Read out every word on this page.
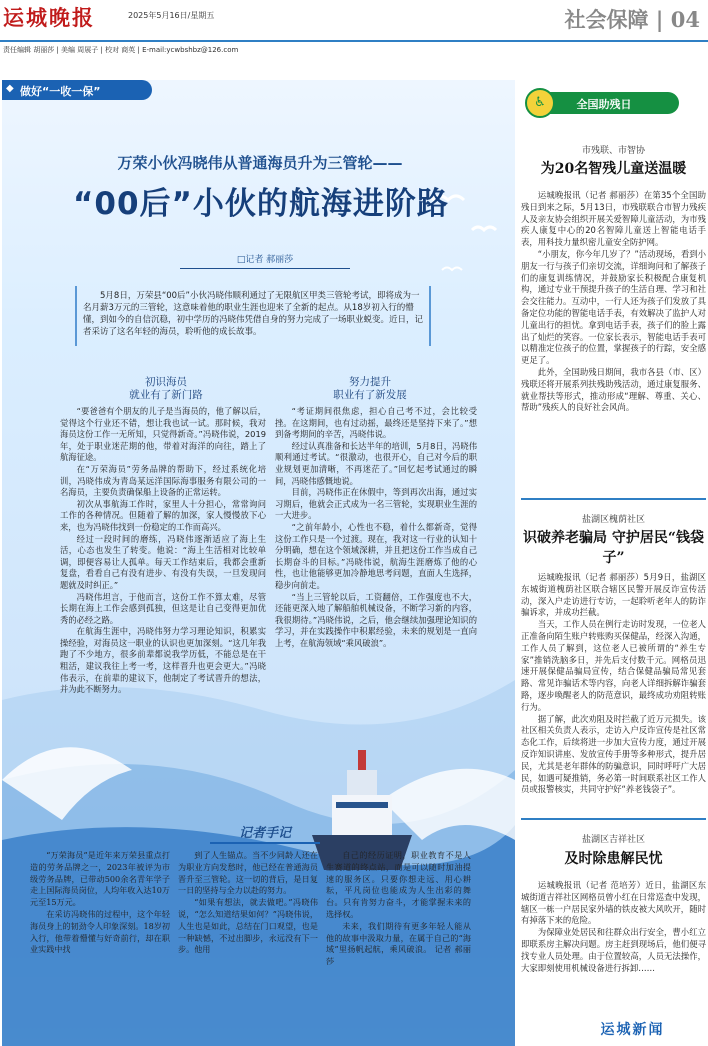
运城晚报	2025年5月16日/星期五	社会保障 | 04
责任编辑 胡丽莎 | 美编 周展子 | 校对 商英 | E-mail:ycwbshbz@126.com
◆ 做好“一收一保”
万荣小伙冯晓伟从普通海员升为三管轮——
“00后”小伙的航海进阶路
□记者 郝丽莎
5月8日，万荣县“00后”小伙冯晓伟顺利通过了无限航区甲类三管轮考试，即将成为一名月薪3万元的三管轮，这意味着他的职业生涯也迎来了全新的起点。从18岁初入行的懵懂，到如今的自信沉稳，初中学历的冯晓伟凭借自身的努力完成了一场职业蜕变。近日，记者采访了这名年轻的海员，聆听他的成长故事。
初识海员
就业有了新门路
努力提升
职业有了新发展

“要爸爸有个朋友的儿子是当海员的，他了解以后，觉得这个行业还不错，想让我也试一试。那时候，我对海员这份工作一无所知，只觉得新奇。”冯晓伟说，2019年，处于职业迷茫期的他，带着对海洋的向往，踏上了航海征途。

在“万荣海员”劳务品牌的帮助下，经过系统化培训，冯晓伟成为青岛某远洋国际海事服务有限公司的一名海员，主要负责确保船上设备的正常运转。

初次从事航海工作时，家里人十分担心，常常询问工作的各种情况。但随着了解的加深，家人慢慢放下心来，也为冯晓伟找到一份稳定的工作而高兴。

经过一段时间的磨练，冯晓伟逐渐适应了海上生活，心态也发生了转变。他说：“海上生活相对比较单调，即便容易让人孤单。每天工作结束后，我都会重新复盘，看看自己有没有进步、有没有失误，一旦发现问题就及时纠正。”

冯晓伟坦言，于他而言，这份工作不算太难，尽管长期在海上工作会感到孤独，但这是让自己变得更加优秀的必经之路。

在航海生涯中，冯晓伟努力学习理论知识，积累实操经验，对海员这一职业的认识也更加深刻。“这几年我跑了不少地方，很多前辈都说我学历低，不能总是在干粗活，建议我往上考一考，这样晋升也更会更大。”冯晓伟表示，在前辈的建议下，他制定了考试晋升的想法，并为此不断努力。

“考证期间很焦虑，担心自己考不过，会比较受挫。在这期间，也有过动摇，最终还是坚持下来了。”想到备考期间的辛苦，冯晓伟说。

经过认真准备和长达半年的培训，5月8日，冯晓伟顺利通过考试。“很激动，也很开心，自己对今后的职业规划更加清晰，不再迷茫了。”回忆起考试通过的瞬间，冯晓伟感慨地说。

目前，冯晓伟正在休假中，等到再次出海，通过实习期后，他就会正式成为一名三管轮，实现职业生涯的一大进步。

“之前年龄小，心性也不稳，着什么都新奇，觉得这份工作只是一个过渡。现在，我对这一行业的认知十分明确，想在这个领域深耕，并且把这份工作当成自己长期奋斗的目标。”冯晓伟说，航海生涯磨炼了他的心性，也让他能够更加冷静地思考问题，直面人生选择，稳步向前走。

“当上三管轮以后，工资翻倍，工作强度也不大，还能更深入地了解船舶机械设备，不断学习新的内容，我很期待。”冯晓伟说，之后，他会继续加强理论知识的学习，并在实践操作中积累经验，未来的规划是一直向上考，在航海领域“乘风破浪”。

记者手记

“万荣海员”是近年来万荣县重点打造的劳务品牌之一，2023年被评为市级劳务品牌，已带动500余名青年学子走上国际海员岗位，人均年收入达10万元至15万元。

在采访冯晓伟的过程中，这个年轻海员身上的韧劲令人印象深刻。18岁初入行，他带着懵懂与好奇前行，却在职业实践中找

到了人生锚点。当不少同龄人还在为职业方向发愁时，他已经在普通海员晋升至三管轮。这一切的背后，是日复一日的坚持与全力以赴的努力。

“如果有想法，就去做吧。”冯晓伟说，“怎么知道结果如何？”冯晓伟说，人生也是如此，总结在门口观望，也是一种缺憾，不过出脚步，永远没有下一步。他用

自己的经历证明，职业教育不是人生赛道的终点站，而是可以随时加油提速的服务区。只要你想走远、用心耕耘，平凡岗位也能成为人生出彩的舞台。只有肯努力奋斗，才能掌握未来的选择权。

未来，我们期待有更多年轻人能从他的故事中汲取力量，在属于自己的“海域”里扬帆起航，乘风破浪。 记者 郝丽莎

♿	全国助残日
市残联、市智协
为20名智残儿童送温暖

运城晚报讯（记者 郝丽莎）在第35个全国助残日到来之际，5月13日，市残联联合市智力残疾人及亲友协会组织开展关爱智障儿童活动，为市残疾人康复中心的20名智障儿童送上智能电话手表，用科技力量织密儿童安全防护网。

“小朋友，你今年几岁了？”活动现场，看到小朋友一行与孩子们亲切交流，详细询问和了解孩子们的康复训练情况，并鼓励家长积极配合康复机构，通过专业干预提升孩子的生活自理、学习和社会交往能力。互动中，一行人还为孩子们发放了具备定位功能的智能电话手表，有效解决了监护人对儿童出行的担忧。拿到电话手表，孩子们的脸上露出了灿烂的笑容。一位家长表示，智能电话手表可以精准定位孩子的位置，掌握孩子的行踪，安全感更足了。

此外，全国助残日期间，我市各县（市、区）残联还将开展系列扶残助残活动，通过康复服务、就业帮扶等形式，推动形成“理解、尊重、关心、帮助”残疾人的良好社会风尚。

盐湖区槐荫社区
识破养老骗局 守护居民“钱袋子”

运城晚报讯（记者 郝丽莎）5月9日，盐湖区东城街道槐荫社区联合辖区民警开展反诈宣传活动，深入户走访进行专访，一起聆听老年人的防诈骗诉求，并成功拦截。

当天，工作人员在例行走访时发现，一位老人正准备向陌生账户转账购买保健品，经深入沟通，工作人员了解到，这位老人已被所谓的“养生专家”推销洗脑多日，并先后支付数千元。网格员迅速开展保健品骗局宣传，结合保健品骗局常见套路、常见诈骗话术等内容，向老人详细拆解诈骗套路，逐步唤醒老人的防范意识，最终成功劝阻转账行为。

据了解，此次劝阻及时拦截了近万元损失。该社区相关负责人表示，走访入户反诈宣传是社区常态化工作，后续将进一步加大宣传力度，通过开展反诈知识讲座、发放宣传手册等多种形式，提升居民，尤其是老年群体的防骗意识，同时呼吁广大居民，如遇可疑推销，务必第一时间联系社区工作人员或报警核实，共同守护好“养老钱袋子”。

盐湖区吉祥社区
及时除患解民忧

运城晚报讯（记者 范培芳）近日，盐湖区东城街道吉祥社区网格员曾小红在日常巡查中发现，辖区一栋一户居民家外墙的铁皮被大风吹开，随时有掉落下来的危险。

为保障业处居民和往群众出行安全，曹小红立即联系房主解决问题。房主赶到现场后，他们便寻找专业人员处理。由于位置较高，人员无法操作，大家即刻使用机械设备进行拆卸……

运城新闻
